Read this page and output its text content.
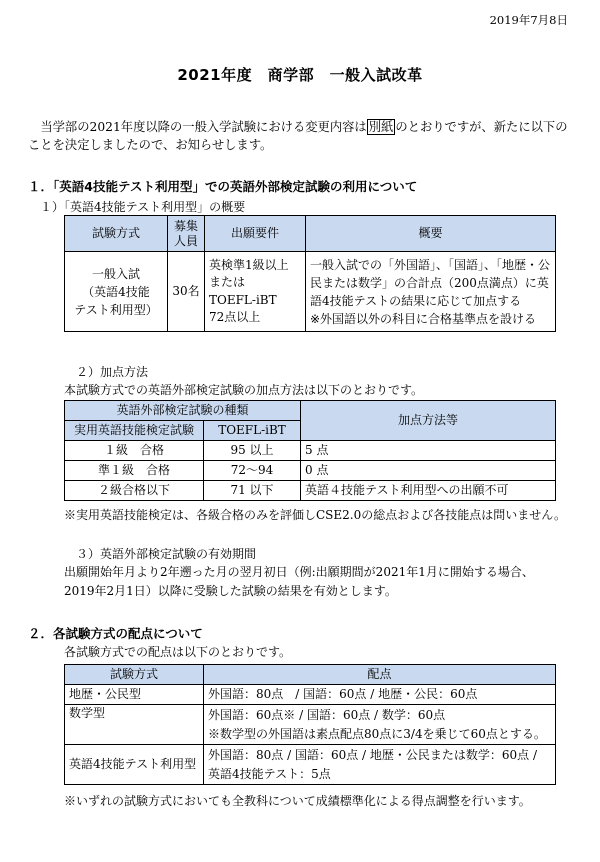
2019年7月8日
2021年度　商学部　一般入試改革
　当学部の2021年度以降の一般入学試験における変更内容は 別紙 のとおりですが、新たに以下のことを決定しましたので、お知らせします。
１．「英語4技能テスト利用型」での英語外部検定試験の利用について
１）「英語4技能テスト利用型」の概要
試験方式	募集人員	出願要件	概要
一般入試
（英語4技能
テスト利用型）	30名	英検準1級以上
または
TOEFL-iBT
72点以上	一般入試での「外国語」、「国語」、「地歴・公民または数学」の合計点（200点満点）に英語4技能テストの結果に応じて加点する
※外国語以外の科目に合格基準点を設ける
２）加点方法
本試験方式での英語外部検定試験の加点方法は以下のとおりです。
英語外部検定試験の種類		加点方法等
実用英語技能検定試験	TOEFL-iBT	
１級　合格	95 以上	5 点
準１級　合格	72～94	0 点
２級合格以下	71 以下	英語４技能テスト利用型への出願不可
※実用英語技能検定は、各級合格のみを評価しCSE2.0の総点および各技能点は問いません。
３）英語外部検定試験の有効期間
出願開始年月より2年遡った月の翌月初日（例:出願期間が2021年1月に開始する場合、2019年2月1日）以降に受験した試験の結果を有効とします。
２．各試験方式の配点について
各試験方式での配点は以下のとおりです。
試験方式	配点
地歴・公民型	外国語：80点　/ 国語：60点 / 地歴・公民：60点
数学型	外国語：60点※ / 国語：60点 / 数学：60点
※数学型の外国語は素点配点80点に3/4を乗じて60点とする。
英語4技能テスト利用型	外国語：80点 / 国語：60点 / 地歴・公民または数学：60点 / 英語4技能テスト：5点
※いずれの試験方式においても全教科について成績標準化による得点調整を行います。
